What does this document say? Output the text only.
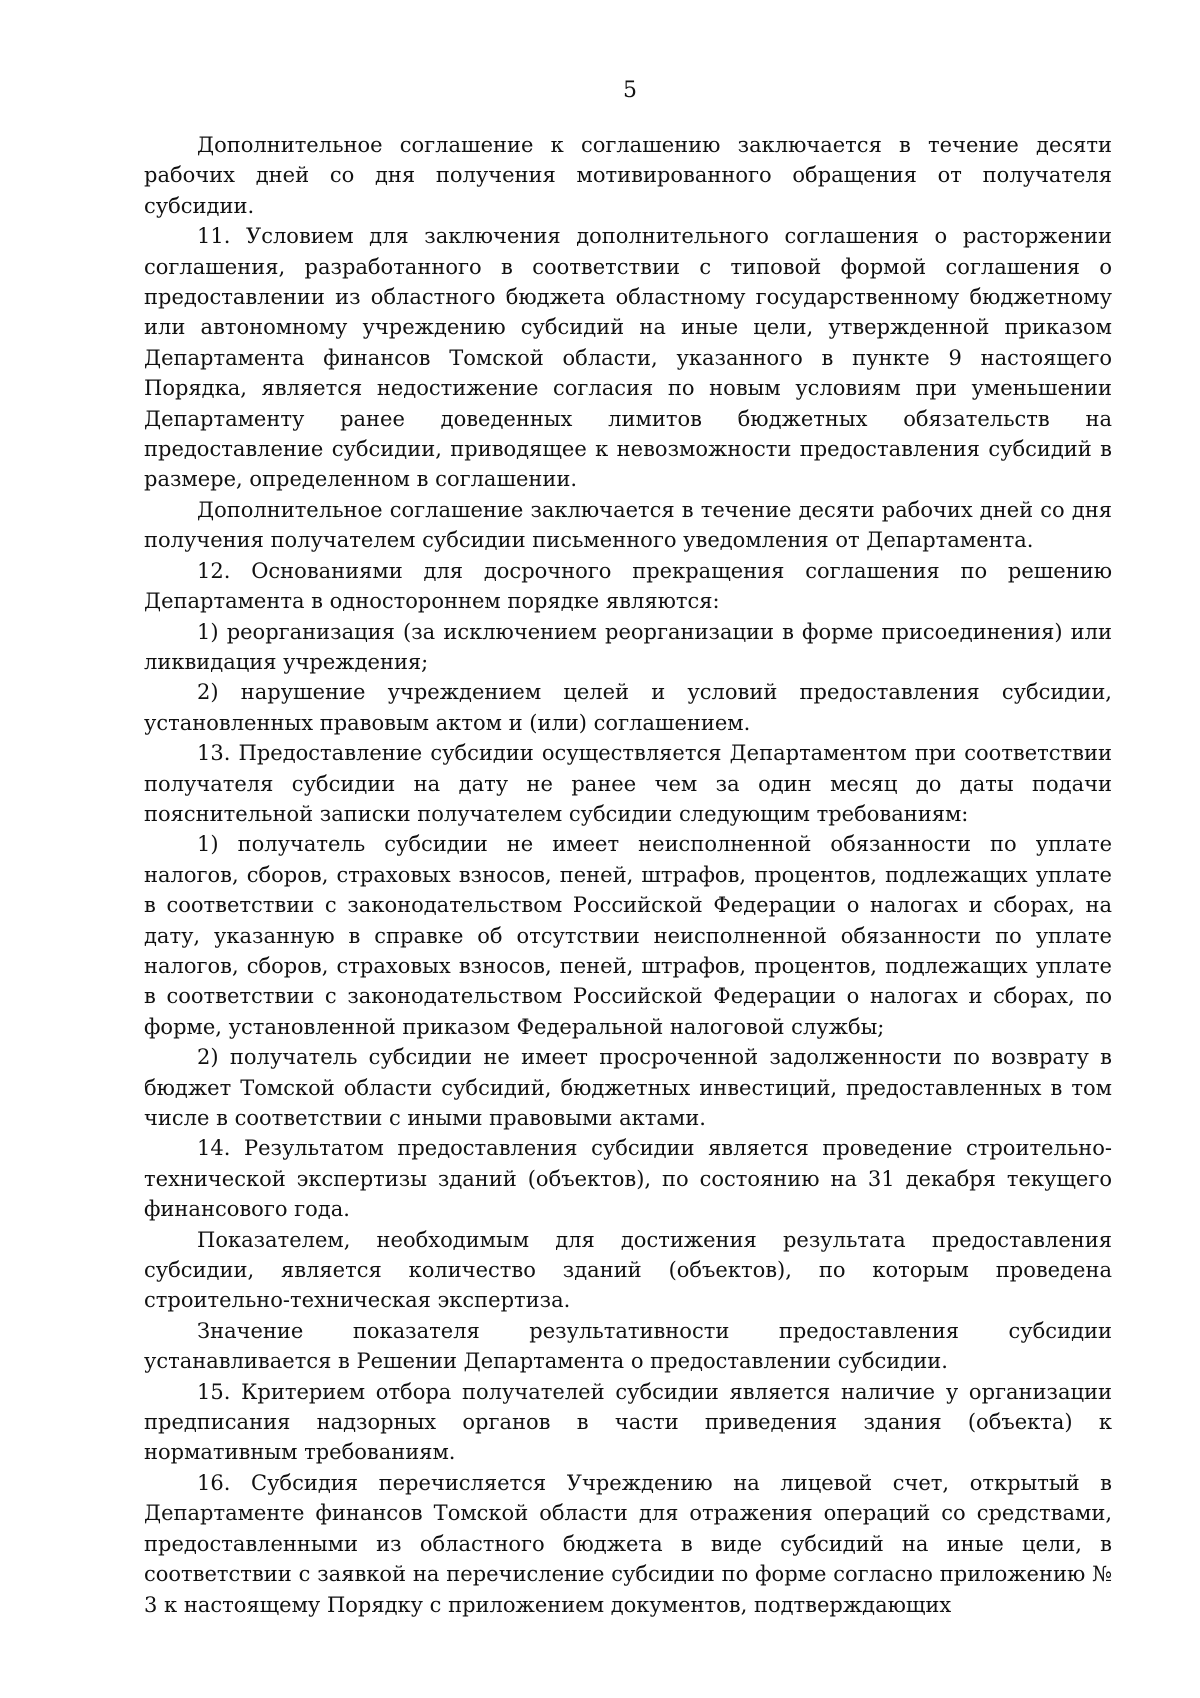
5

Дополнительное соглашение к соглашению заключается в течение десяти рабочих дней со дня получения мотивированного обращения от получателя субсидии.

11. Условием для заключения дополнительного соглашения о расторжении соглашения, разработанного в соответствии с типовой формой соглашения о предоставлении из областного бюджета областному государственному бюджетному или автономному учреждению субсидий на иные цели, утвержденной приказом Департамента финансов Томской области, указанного в пункте 9 настоящего Порядка, является недостижение согласия по новым условиям при уменьшении Департаменту ранее доведенных лимитов бюджетных обязательств на предоставление субсидии, приводящее к невозможности предоставления субсидий в размере, определенном в соглашении.

Дополнительное соглашение заключается в течение десяти рабочих дней со дня получения получателем субсидии письменного уведомления от Департамента.

12. Основаниями для досрочного прекращения соглашения по решению Департамента в одностороннем порядке являются:

1) реорганизация (за исключением реорганизации в форме присоединения) или ликвидация учреждения;

2) нарушение учреждением целей и условий предоставления субсидии, установленных правовым актом и (или) соглашением.

13. Предоставление субсидии осуществляется Департаментом при соответствии получателя субсидии на дату не ранее чем за один месяц до даты подачи пояснительной записки получателем субсидии следующим требованиям:

1) получатель субсидии не имеет неисполненной обязанности по уплате налогов, сборов, страховых взносов, пеней, штрафов, процентов, подлежащих уплате в соответствии с законодательством Российской Федерации о налогах и сборах, на дату, указанную в справке об отсутствии неисполненной обязанности по уплате налогов, сборов, страховых взносов, пеней, штрафов, процентов, подлежащих уплате в соответствии с законодательством Российской Федерации о налогах и сборах, по форме, установленной приказом Федеральной налоговой службы;

2) получатель субсидии не имеет просроченной задолженности по возврату в бюджет Томской области субсидий, бюджетных инвестиций, предоставленных в том числе в соответствии с иными правовыми актами.

14. Результатом предоставления субсидии является проведение строительно-технической экспертизы зданий (объектов), по состоянию на 31 декабря текущего финансового года.

Показателем, необходимым для достижения результата предоставления субсидии, является количество зданий (объектов), по которым проведена строительно-техническая экспертиза.

Значение показателя результативности предоставления субсидии устанавливается в Решении Департамента о предоставлении субсидии.

15. Критерием отбора получателей субсидии является наличие у организации предписания надзорных органов в части приведения здания (объекта) к нормативным требованиям.

16. Субсидия перечисляется Учреждению на лицевой счет, открытый в Департаменте финансов Томской области для отражения операций со средствами, предоставленными из областного бюджета в виде субсидий на иные цели, в соответствии с заявкой на перечисление субсидии по форме согласно приложению № 3 к настоящему Порядку с приложением документов, подтверждающих
